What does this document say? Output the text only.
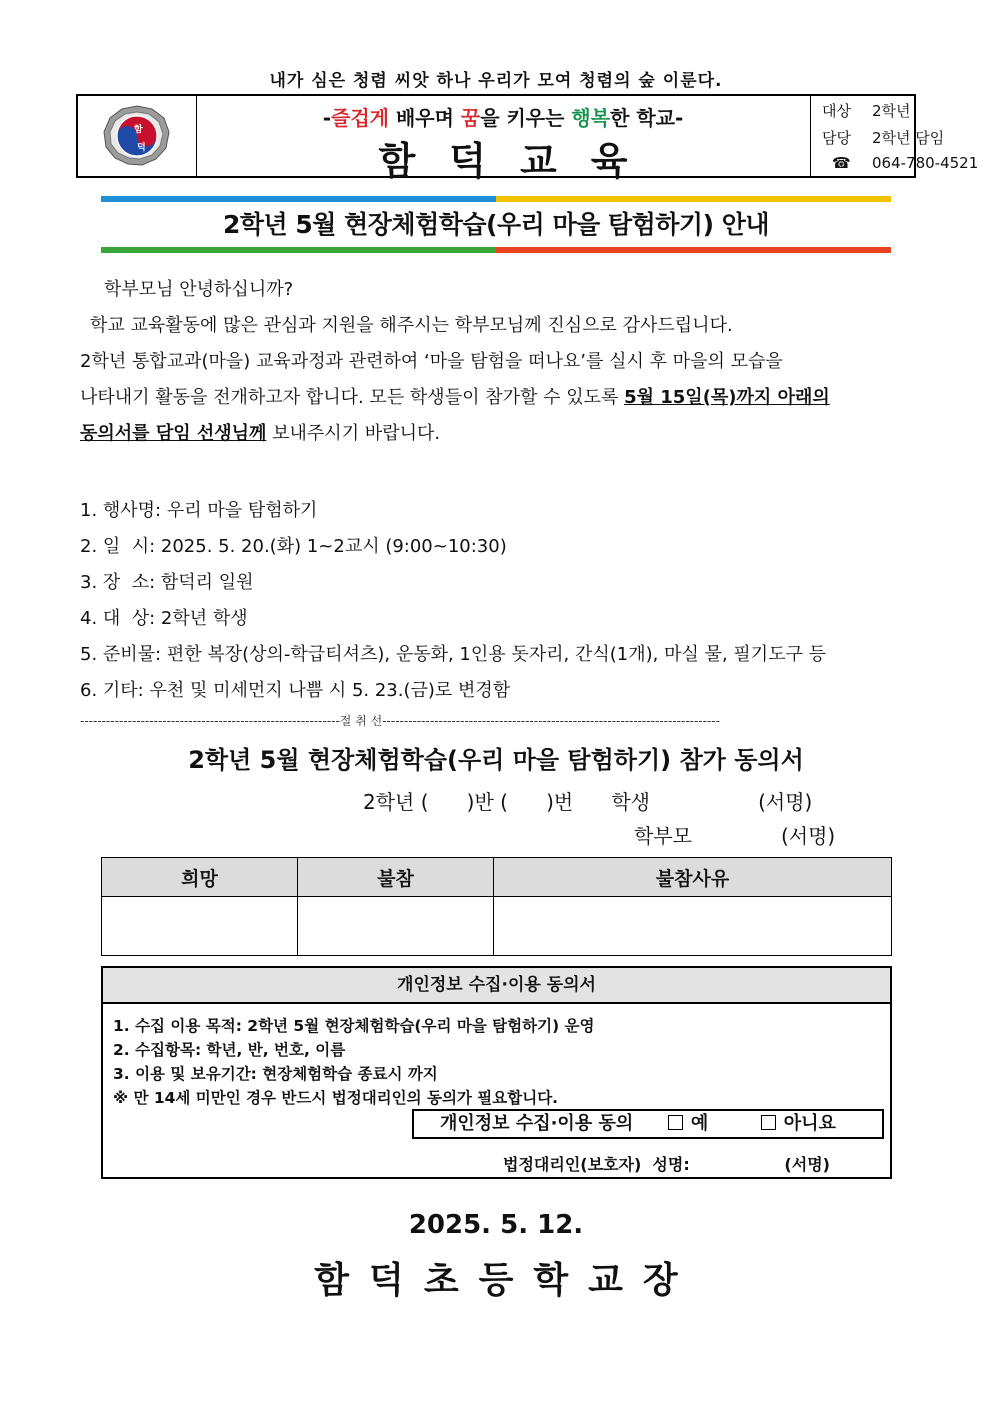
내가 심은 청렴 씨앗 하나 우리가 모여 청렴의 숲 이룬다.
함
덕
-즐겁게 배우며 꿈을 키우는 행복한 학교-
함덕교육
대상 2학년
담당 2학년 담임
☎ 064-780-4521
2학년 5월 현장체험학습(우리 마을 탐험하기) 안내
학부모님 안녕하십니까?
학교 교육활동에 많은 관심과 지원을 해주시는 학부모님께 진심으로 감사드립니다.
2학년 통합교과(마을) 교육과정과 관련하여 ‘마을 탐험을 떠나요’를 실시 후 마을의 모습을
나타내기 활동을 전개하고자 합니다. 모든 학생들이 참가할 수 있도록 5월 15일(목)까지 아래의
동의서를 담임 선생님께 보내주시기 바랍니다.
1. 행사명: 우리 마을 탐험하기
2. 일  시: 2025. 5. 20.(화) 1~2교시 (9:00~10:30)
3. 장  소: 함덕리 일원
4. 대  상: 2학년 학생
5. 준비물: 편한 복장(상의-학급티셔츠), 운동화, 1인용 돗자리, 간식(1개), 마실 물, 필기도구 등
6. 기타: 우천 및 미세먼지 나쁨 시 5. 23.(금)로 변경함
------------------------------------------------------------절 취 선------------------------------------------------------------------------------
2학년 5월 현장체험학습(우리 마을 탐험하기) 참가 동의서
2학년 (      )반 (      )번      학생                 (서명)
학부모              (서명)
희망	불참	불참사유

개인정보 수집·이용 동의서
1. 수집 이용 목적: 2학년 5월 현장체험학습(우리 마을 탐험하기) 운영
2. 수집항목: 학년, 반, 번호, 이름
3. 이용 및 보유기간: 현장체험학습 종료시 까지
※ 만 14세 미만인 경우 반드시 법정대리인의 동의가 필요합니다.
개인정보 수집·이용 동의	예	아니요
법정대리인(보호자)  성명:                 (서명)
2025. 5. 12.
함덕초등학교장
